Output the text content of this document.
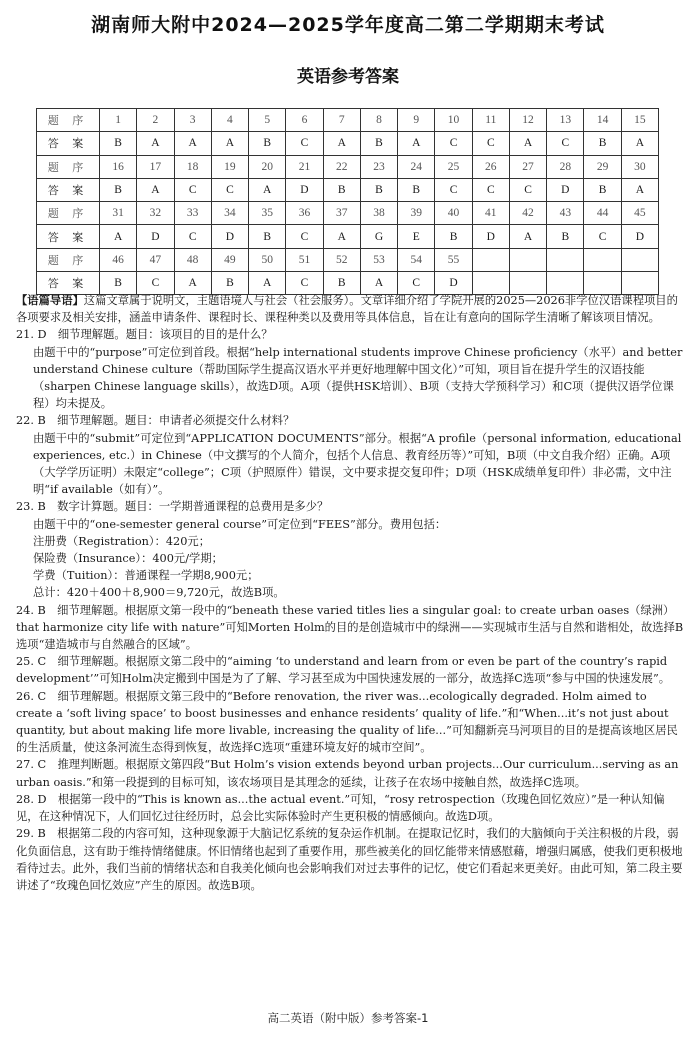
湖南师大附中2024—2025学年度高二第二学期期末考试
英语参考答案
题 序	1	2	3	4	5	6	7	8	9	10	11	12	13	14	15
答 案	B	A	A	A	B	C	A	B	A	C	C	A	C	B	A
题 序	16	17	18	19	20	21	22	23	24	25	26	27	28	29	30
答 案	B	A	C	C	A	D	B	B	B	C	C	C	D	B	A
题 序	31	32	33	34	35	36	37	38	39	40	41	42	43	44	45
答 案	A	D	C	D	B	C	A	G	E	B	D	A	B	C	D
题 序	46	47	48	49	50	51	52	53	54	55					
答 案	B	C	A	B	A	C	B	A	C	D					

【语篇导语】这篇文章属于说明文，主题语境人与社会（社会服务）。文章详细介绍了学院开展的2025—2026非学位汉语课程项目的各项要求及相关安排，涵盖申请条件、课程时长、课程种类以及费用等具体信息，旨在让有意向的国际学生清晰了解该项目情况。

21. D　细节理解题。题目：该项目的目的是什么？

由题干中的“purpose”可定位到首段。根据“help international students improve Chinese proficiency（水平）and better understand Chinese culture（帮助国际学生提高汉语水平并更好地理解中国文化）”可知，项目旨在提升学生的汉语技能（sharpen Chinese language skills），故选D项。A项（提供HSK培训）、B项（支持大学预科学习）和C项（提供汉语学位课程）均未提及。

22. B　细节理解题。题目：申请者必须提交什么材料？

由题干中的“submit”可定位到“APPLICATION DOCUMENTS”部分。根据“A profile（personal information, educational experiences, etc.）in Chinese（中文撰写的个人简介，包括个人信息、教育经历等）”可知，B项（中文自我介绍）正确。A项（大学学历证明）未限定“college”；C项（护照原件）错误，文中要求提交复印件；D项（HSK成绩单复印件）非必需，文中注明“if available（如有）”。

23. B　数字计算题。题目：一学期普通课程的总费用是多少？

由题干中的“one-semester general course”可定位到“FEES”部分。费用包括：

注册费（Registration）：420元；

保险费（Insurance）：400元/学期；

学费（Tuition）：普通课程一学期8,900元；

总计：420＋400＋8,900＝9,720元，故选B项。

24. B　细节理解题。根据原文第一段中的“beneath these varied titles lies a singular goal: to create urban oases（绿洲）that harmonize city life with nature”可知Morten Holm的目的是创造城市中的绿洲——实现城市生活与自然和谐相处，故选择B选项“建造城市与自然融合的区域”。

25. C　细节理解题。根据原文第二段中的“aiming ‘to understand and learn from or even be part of the country’s rapid development’”可知Holm决定搬到中国是为了了解、学习甚至成为中国快速发展的一部分，故选择C选项“参与中国的快速发展”。

26. C　细节理解题。根据原文第三段中的“Before renovation, the river was...ecologically degraded. Holm aimed to create a ‘soft living space’ to boost businesses and enhance residents’ quality of life.”和“When...it’s not just about quantity, but about making life more livable, increasing the quality of life...”可知翻新亮马河项目的目的是提高该地区居民的生活质量，使这条河流生态得到恢复，故选择C选项“重建环境友好的城市空间”。

27. C　推理判断题。根据原文第四段“But Holm’s vision extends beyond urban projects...Our curriculum...serving as an urban oasis.”和第一段提到的目标可知，该农场项目是其理念的延续，让孩子在农场中接触自然，故选择C选项。

28. D　根据第一段中的“This is known as...the actual event.”可知，“rosy retrospection（玫瑰色回忆效应）”是一种认知偏见，在这种情况下，人们回忆过往经历时，总会比实际体验时产生更积极的情感倾向。故选D项。

29. B　根据第二段的内容可知，这种现象源于大脑记忆系统的复杂运作机制。在提取记忆时，我们的大脑倾向于关注积极的片段，弱化负面信息，这有助于维持情绪健康。怀旧情绪也起到了重要作用，那些被美化的回忆能带来情感慰藉，增强归属感，使我们更积极地看待过去。此外，我们当前的情绪状态和自我美化倾向也会影响我们对过去事件的记忆，使它们看起来更美好。由此可知，第二段主要讲述了“玫瑰色回忆效应”产生的原因。故选B项。

高二英语（附中版）参考答案-1
